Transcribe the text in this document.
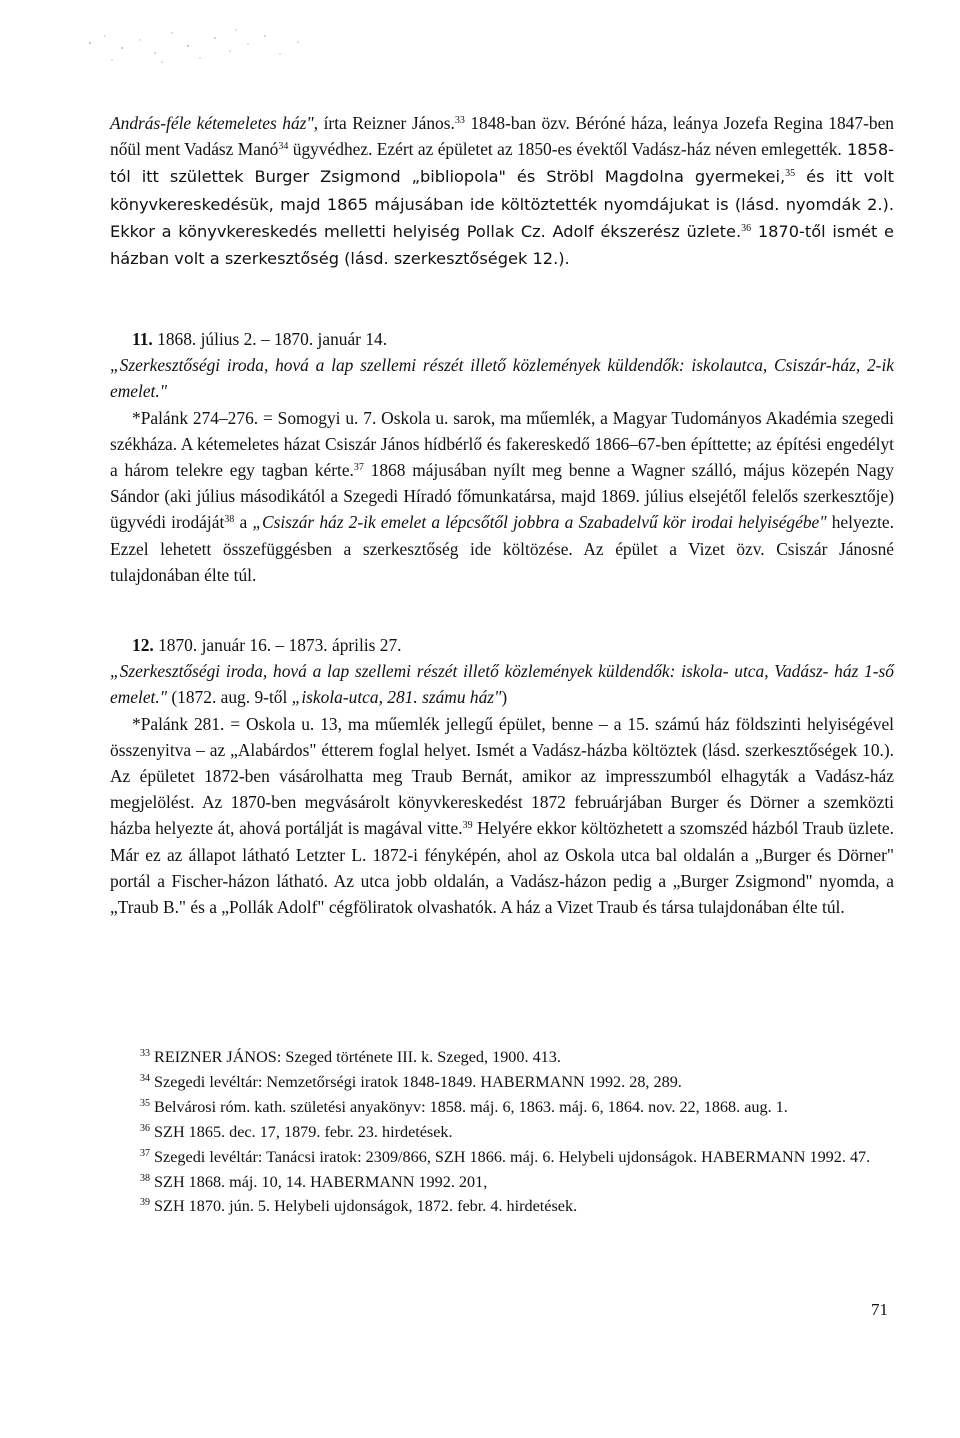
András-féle kétemeletes ház", írta Reizner János.$^{33}$ 1848-ban özv. Béróné háza, leánya Jozefa Regina 1847-ben nőül ment Vadász Manó$^{34}$ ügyvédhez. Ezért az épületet az 1850-es évektől Vadász-ház néven emlegették. 1858-tól itt születtek Burger Zsigmond „bibliopola" és Ströbl Magdolna gyermekei,$^{35}$ és itt volt könyvkereskedésük, majd 1865 májusában ide költöztették nyomdájukat is (lásd. nyomdák 2.). Ekkor a könyvkereskedés melletti helyiség Pollak Cz. Adolf ékszerész üzlete.$^{36}$ 1870-től ismét e házban volt a szerkesztőség (lásd. szerkesztőségek 12.).

11. 1868. július 2. – 1870. január 14.

„Szerkesztőségi iroda, hová a lap szellemi részét illető közlemények küldendők: iskolautca, Csiszár-ház, 2-ik emelet."

*Palánk 274–276. = Somogyi u. 7. Oskola u. sarok, ma műemlék, a Magyar Tudományos Akadémia szegedi székháza. A kétemeletes házat Csiszár János hídbérlő és fakereskedő 1866–67-ben építtette; az építési engedélyt a három telekre egy tagban kérte.$^{37}$ 1868 májusában nyílt meg benne a Wagner szálló, május közepén Nagy Sándor (aki július másodikától a Szegedi Híradó főmunkatársa, majd 1869. július elsejétől felelős szerkesztője) ügyvédi irodáját$^{38}$ a „Csiszár ház 2-ik emelet a lépcsőtől jobbra a Szabadelvű kör irodai helyiségébe" helyezte. Ezzel lehetett összefüggésben a szerkesztőség ide költözése. Az épület a Vizet özv. Csiszár Jánosné tulajdonában élte túl.

12. 1870. január 16. – 1873. április 27.

„Szerkesztőségi iroda, hová a lap szellemi részét illető közlemények küldendők: iskola- utca, Vadász- ház 1-ső emelet." (1872. aug. 9-től „iskola-utca, 281. számu ház")

*Palánk 281. = Oskola u. 13, ma műemlék jellegű épület, benne – a 15. számú ház földszinti helyiségével összenyitva – az „Alabárdos" étterem foglal helyet. Ismét a Vadász-házba költöztek (lásd. szerkesztőségek 10.). Az épületet 1872-ben vásárolhatta meg Traub Bernát, amikor az impresszumból elhagyták a Vadász-ház megjelölést. Az 1870-ben megvásárolt könyvkereskedést 1872 februárjában Burger és Dörner a szemközti házba helyezte át, ahová portálját is magával vitte.$^{39}$ Helyére ekkor költözhetett a szomszéd házból Traub üzlete. Már ez az állapot látható Letzter L. 1872-i fényképén, ahol az Oskola utca bal oldalán a „Burger és Dörner" portál a Fischer-házon látható. Az utca jobb oldalán, a Vadász-házon pedig a „Burger Zsigmond" nyomda, a „Traub B." és a „Pollák Adolf" cégföliratok olvashatók. A ház a Vizet Traub és társa tulajdonában élte túl.

$^{33}$ REIZNER JÁNOS: Szeged története III. k. Szeged, 1900. 413.

$^{34}$ Szegedi levéltár: Nemzetőrségi iratok 1848-1849. HABERMANN 1992. 28, 289.

$^{35}$ Belvárosi róm. kath. születési anyakönyv: 1858. máj. 6, 1863. máj. 6, 1864. nov. 22, 1868. aug. 1.

$^{36}$ SZH 1865. dec. 17, 1879. febr. 23. hirdetések.

$^{37}$ Szegedi levéltár: Tanácsi iratok: 2309/866, SZH 1866. máj. 6. Helybeli ujdonságok. HABERMANN 1992. 47.

$^{38}$ SZH 1868. máj. 10, 14. HABERMANN 1992. 201,

$^{39}$ SZH 1870. jún. 5. Helybeli ujdonságok, 1872. febr. 4. hirdetések.

71
